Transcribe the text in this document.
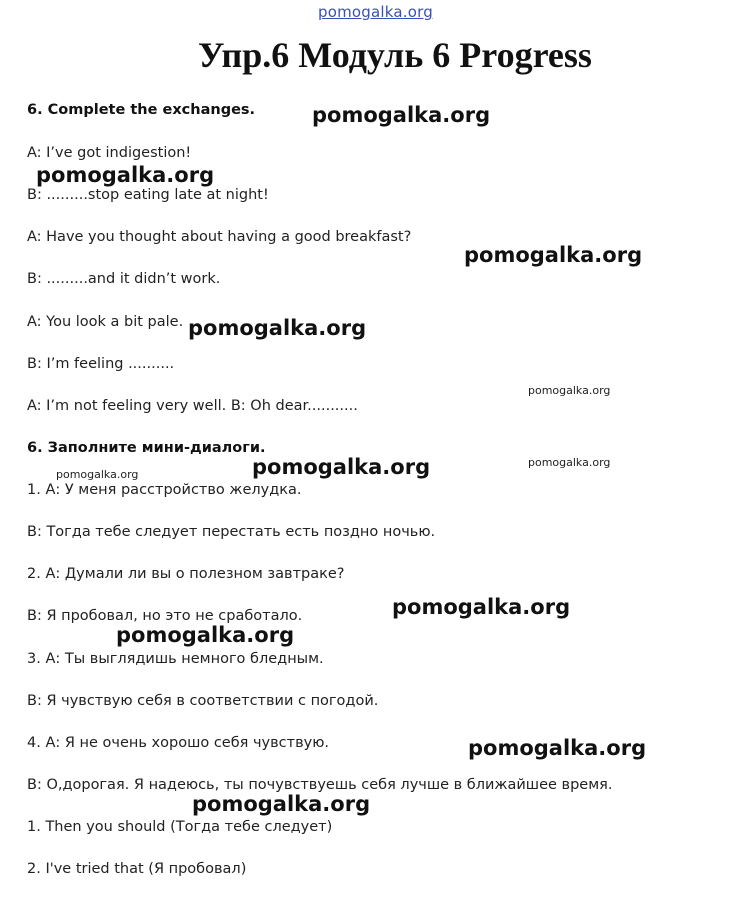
pomogalka.org
Упр.6 Модуль 6 Progress
6. Complete the exchanges.
A: I’ve got indigestion!
B: .........stop eating late at night!
A: Have you thought about having a good breakfast?
B: .........and it didn’t work.
A: You look a bit pale.
B: I’m feeling ..........
A: I’m not feeling very well. B: Oh dear...........
6. Заполните мини-диалоги.
1. А: У меня расстройство желудка.
В: Тогда тебе следует перестать есть поздно ночью.
2. А: Думали ли вы о полезном завтраке?
В: Я пробовал, но это не сработало.
3. А: Ты выглядишь немного бледным.
В: Я чувствую себя в соответствии с погодой.
4. А: Я не очень хорошо себя чувствую.
В: О,дорогая. Я надеюсь, ты почувствуешь себя лучше в ближайшее время.
1. Then you should (Тогда тебе следует)
2. I've tried that (Я пробовал)
pomogalka.org
pomogalka.org
pomogalka.org
pomogalka.org
pomogalka.org
pomogalka.org
pomogalka.org
pomogalka.org
pomogalka.org
pomogalka.org
pomogalka.org
pomogalka.org
